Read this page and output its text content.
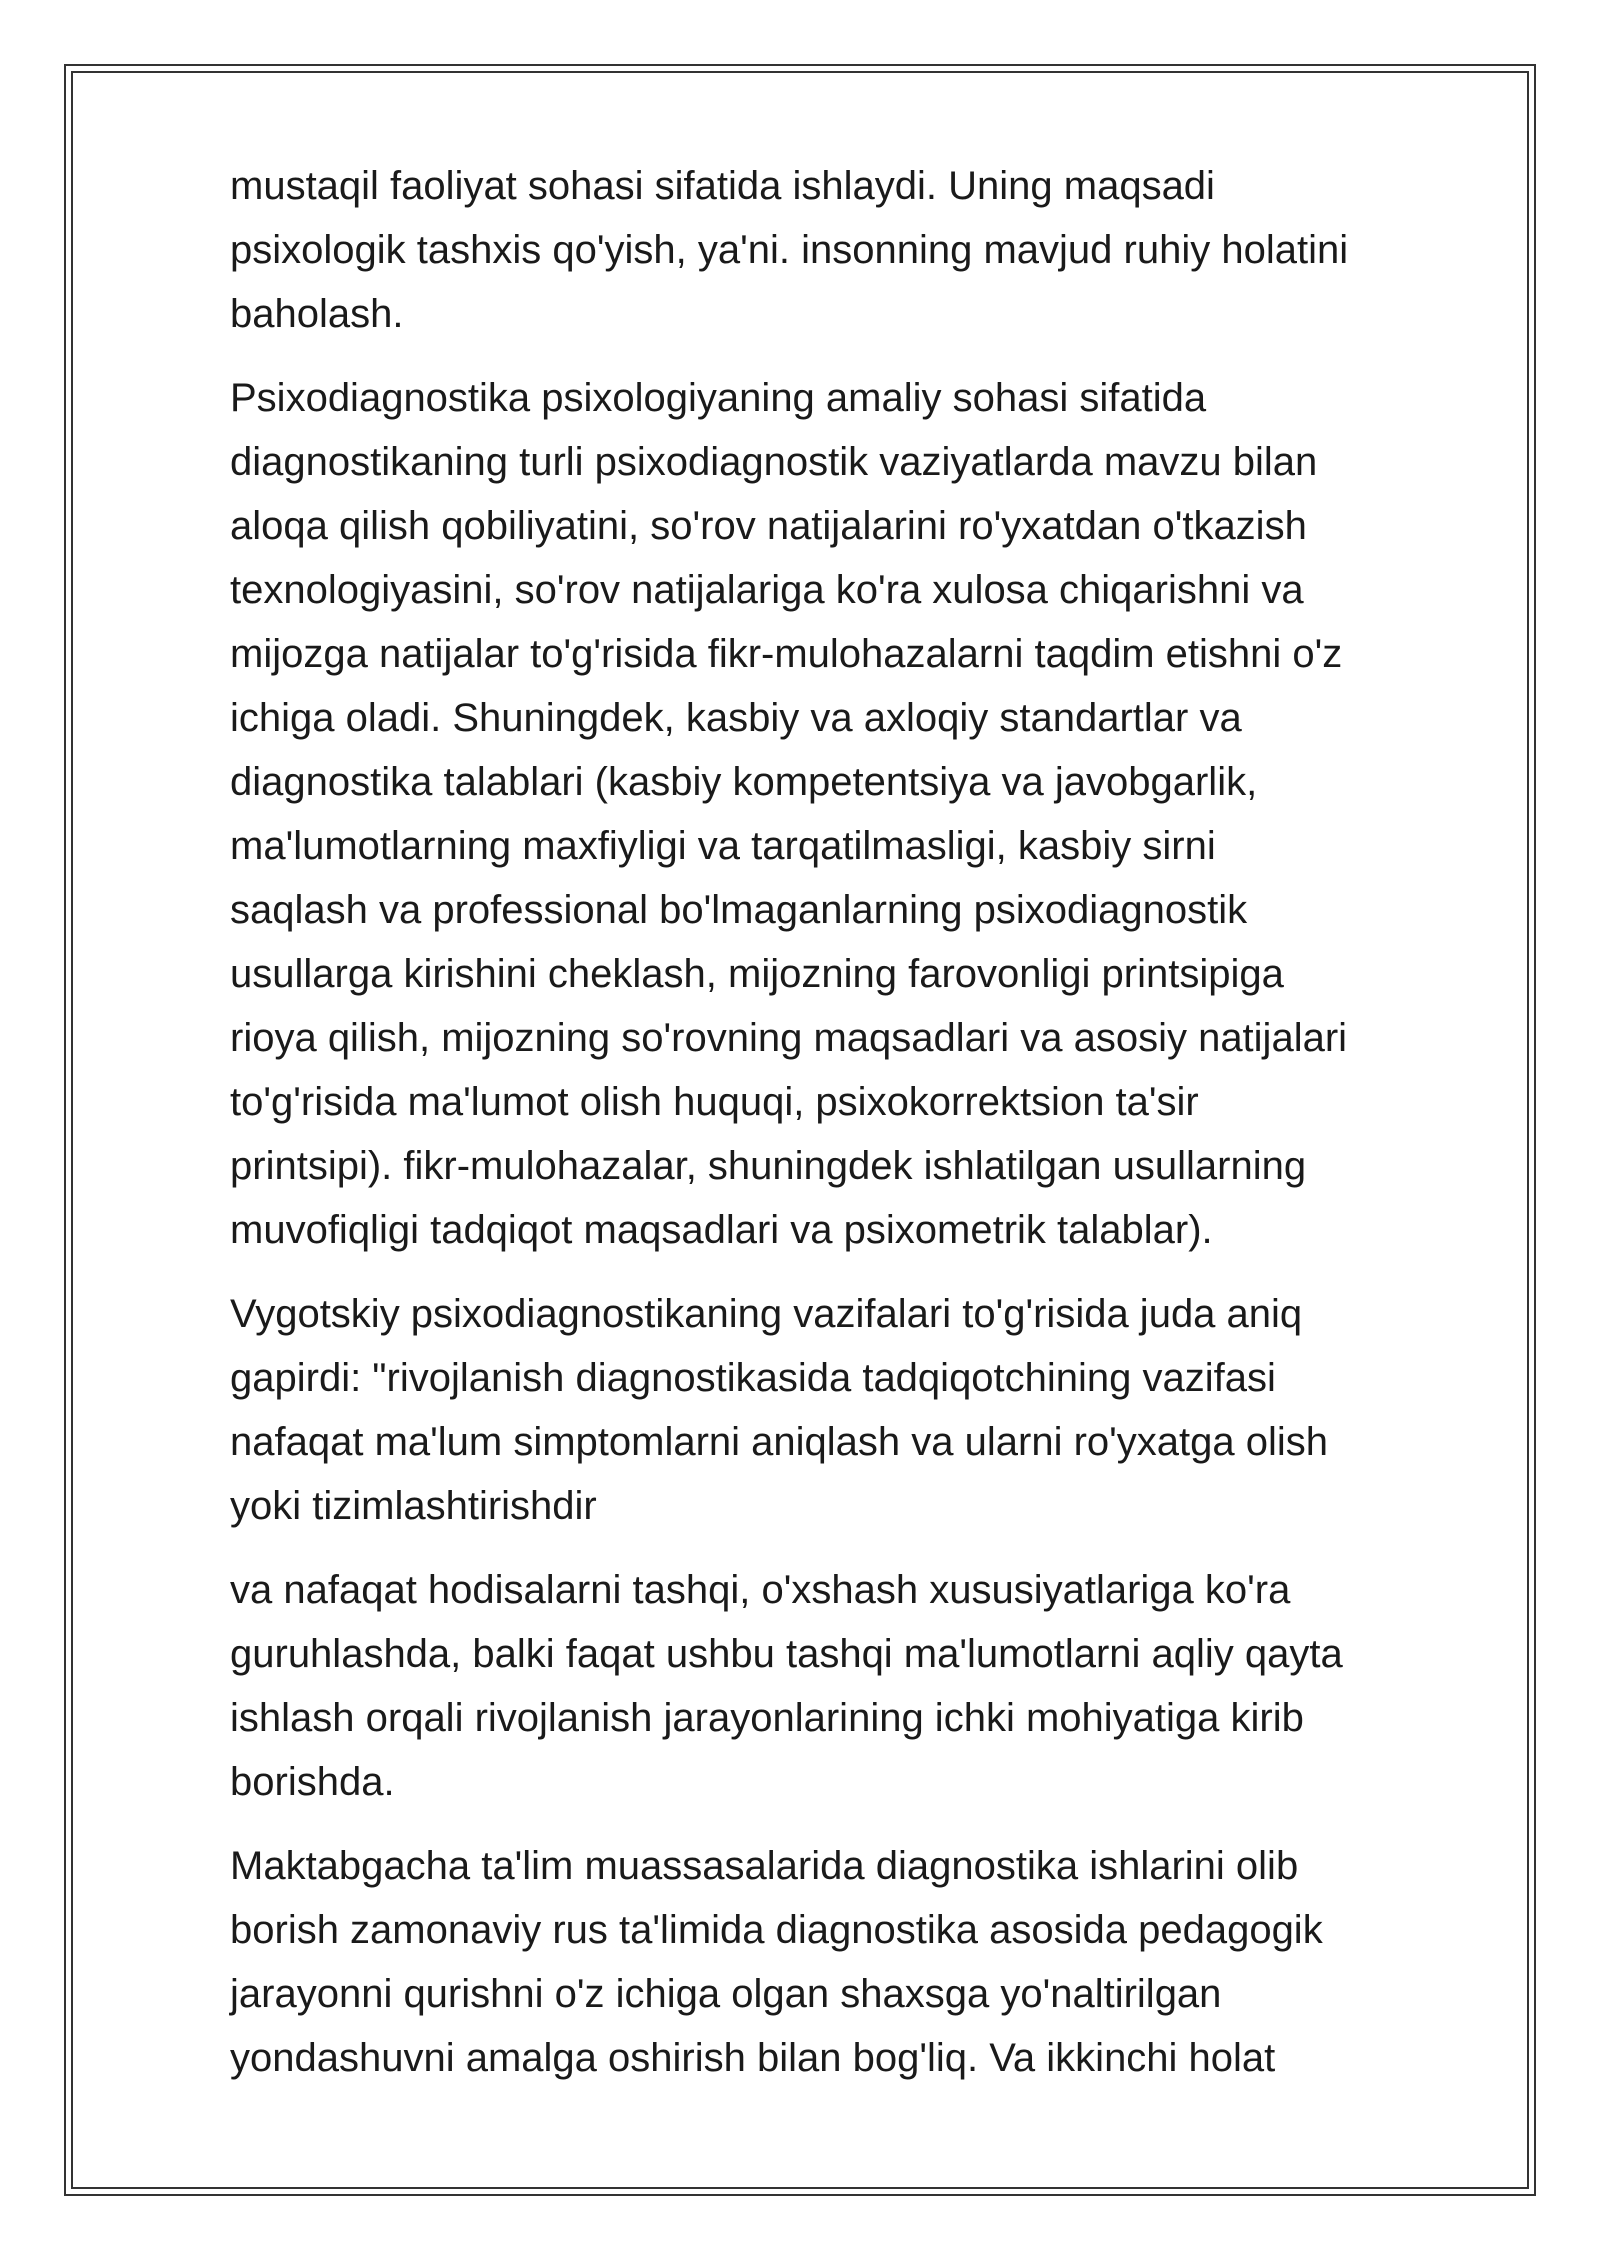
mustaqil faoliyat sohasi sifatida ishlaydi. Uning maqsadi
psixologik tashxis qo'yish, ya'ni. insonning mavjud ruhiy holatini
baholash.

Psixodiagnostika psixologiyaning amaliy sohasi sifatida
diagnostikaning turli psixodiagnostik vaziyatlarda mavzu bilan
aloqa qilish qobiliyatini, so'rov natijalarini ro'yxatdan o'tkazish
texnologiyasini, so'rov natijalariga ko'ra xulosa chiqarishni va
mijozga natijalar to'g'risida fikr-mulohazalarni taqdim etishni o'z
ichiga oladi. Shuningdek, kasbiy va axloqiy standartlar va
diagnostika talablari (kasbiy kompetentsiya va javobgarlik,
ma'lumotlarning maxfiyligi va tarqatilmasligi, kasbiy sirni
saqlash va professional bo'lmaganlarning psixodiagnostik
usullarga kirishini cheklash, mijozning farovonligi printsipiga
rioya qilish, mijozning so'rovning maqsadlari va asosiy natijalari
to'g'risida ma'lumot olish huquqi, psixokorrektsion ta'sir
printsipi). fikr-mulohazalar, shuningdek ishlatilgan usullarning
muvofiqligi tadqiqot maqsadlari va psixometrik talablar).

Vygotskiy psixodiagnostikaning vazifalari to'g'risida juda aniq
gapirdi: "rivojlanish diagnostikasida tadqiqotchining vazifasi
nafaqat ma'lum simptomlarni aniqlash va ularni ro'yxatga olish
yoki tizimlashtirishdir

va nafaqat hodisalarni tashqi, o'xshash xususiyatlariga ko'ra
guruhlashda, balki faqat ushbu tashqi ma'lumotlarni aqliy qayta
ishlash orqali rivojlanish jarayonlarining ichki mohiyatiga kirib
borishda.

Maktabgacha ta'lim muassasalarida diagnostika ishlarini olib
borish zamonaviy rus ta'limida diagnostika asosida pedagogik
jarayonni qurishni o'z ichiga olgan shaxsga yo'naltirilgan
yondashuvni amalga oshirish bilan bog'liq. Va ikkinchi holat
